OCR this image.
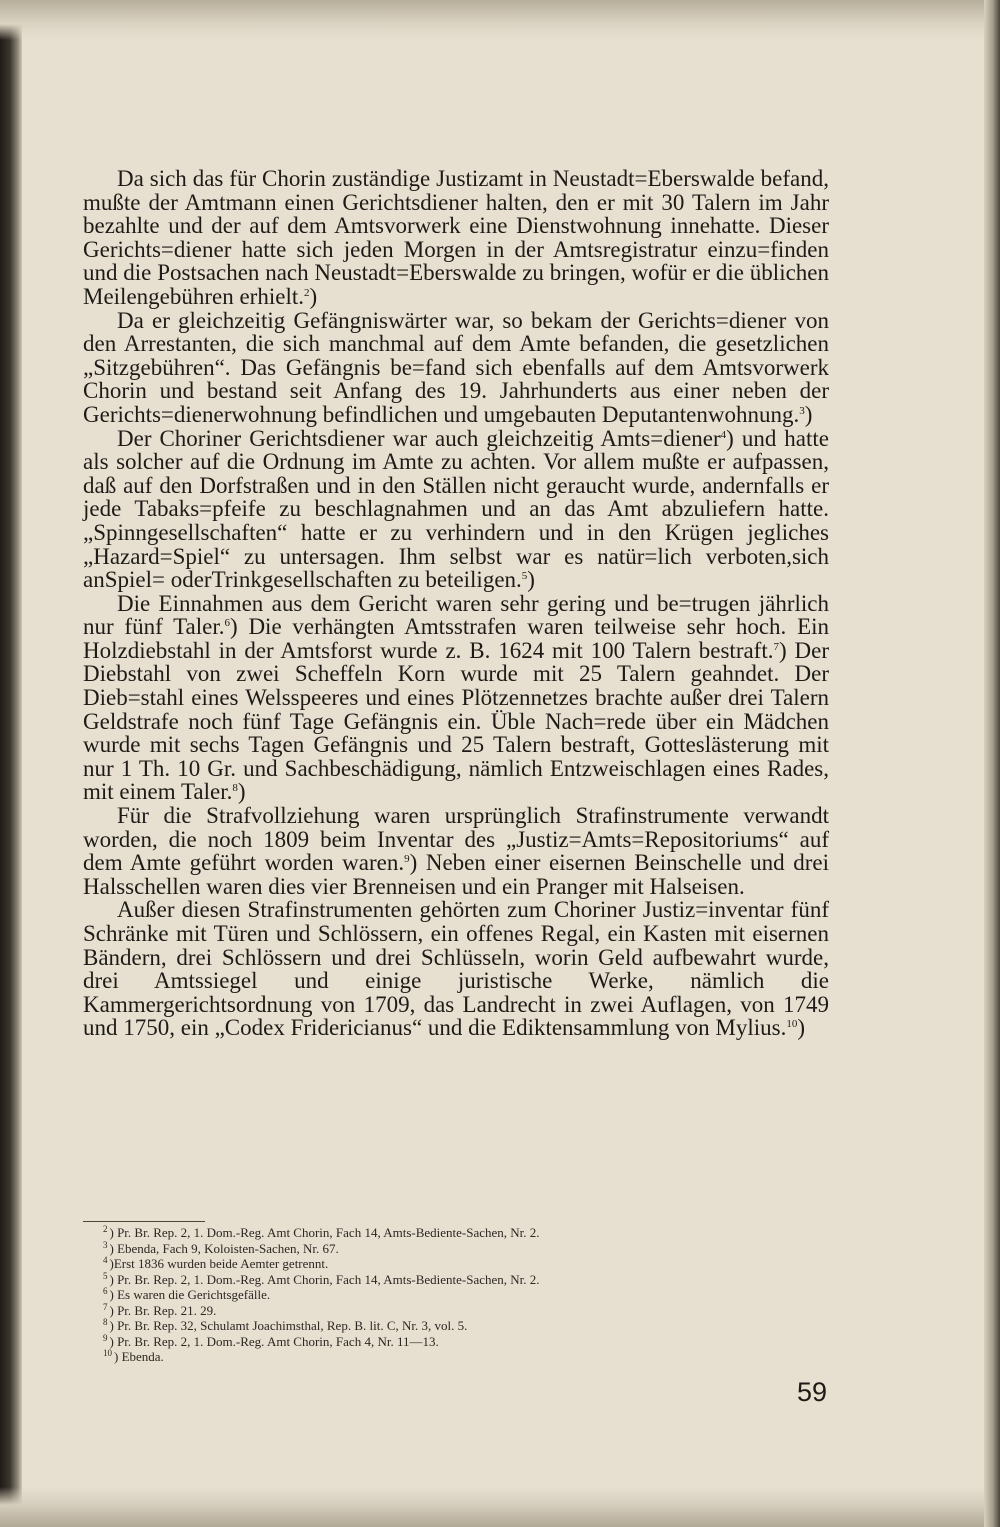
Da sich das für Chorin zuständige Justizamt in Neustadt=Eberswalde befand, mußte der Amtmann einen Gerichtsdiener halten, den er mit 30 Talern im Jahr bezahlte und der auf dem Amtsvorwerk eine Dienstwohnung innehatte. Dieser Gerichts=diener hatte sich jeden Morgen in der Amtsregistratur einzu=finden und die Postsachen nach Neustadt=Eberswalde zu bringen, wofür er die üblichen Meilengebühren erhielt.$^2$)

Da er gleichzeitig Gefängniswärter war, so bekam der Gerichts=diener von den Arrestanten, die sich manchmal auf dem Amte befanden, die gesetzlichen „Sitzgebühren“. Das Gefängnis be=fand sich ebenfalls auf dem Amtsvorwerk Chorin und bestand seit Anfang des 19. Jahrhunderts aus einer neben der Gerichts=dienerwohnung befindlichen und umgebauten Deputantenwohnung.$^3$)

Der Choriner Gerichtsdiener war auch gleichzeitig Amts=diener$^4$) und hatte als solcher auf die Ordnung im Amte zu achten. Vor allem mußte er aufpassen, daß auf den Dorfstraßen und in den Ställen nicht geraucht wurde, andernfalls er jede Tabaks=pfeife zu beschlagnahmen und an das Amt abzuliefern hatte. „Spinngesellschaften“ hatte er zu verhindern und in den Krügen jegliches „Hazard=Spiel“ zu untersagen. Ihm selbst war es natür=lich verboten,sich anSpiel= oderTrinkgesellschaften zu beteiligen.$^5$)

Die Einnahmen aus dem Gericht waren sehr gering und be=trugen jährlich nur fünf Taler.$^6$) Die verhängten Amtsstrafen waren teilweise sehr hoch. Ein Holzdiebstahl in der Amtsforst wurde z. B. 1624 mit 100 Talern bestraft.$^7$) Der Diebstahl von zwei Scheffeln Korn wurde mit 25 Talern geahndet. Der Dieb=stahl eines Welsspeeres und eines Plötzennetzes brachte außer drei Talern Geldstrafe noch fünf Tage Gefängnis ein. Üble Nach=rede über ein Mädchen wurde mit sechs Tagen Gefängnis und 25 Talern bestraft, Gotteslästerung mit nur 1 Th. 10 Gr. und Sachbeschädigung, nämlich Entzweischlagen eines Rades, mit einem Taler.$^8$)

Für die Strafvollziehung waren ursprünglich Strafinstrumente verwandt worden, die noch 1809 beim Inventar des „Justiz=Amts=Repositoriums“ auf dem Amte geführt worden waren.$^9$) Neben einer eisernen Beinschelle und drei Halsschellen waren dies vier Brenneisen und ein Pranger mit Halseisen.

Außer diesen Strafinstrumenten gehörten zum Choriner Justiz=inventar fünf Schränke mit Türen und Schlössern, ein offenes Regal, ein Kasten mit eisernen Bändern, drei Schlössern und drei Schlüsseln, worin Geld aufbewahrt wurde, drei Amtssiegel und einige juristische Werke, nämlich die Kammergerichtsordnung von 1709, das Landrecht in zwei Auflagen, von 1749 und 1750, ein „Codex Fridericianus“ und die Ediktensammlung von Mylius.$^{10}$)

$^2$ ) Pr. Br. Rep. 2, 1. Dom.-Reg. Amt Chorin, Fach 14, Amts-Bediente-Sachen, Nr. 2.
$^3$ ) Ebenda, Fach 9, Koloisten-Sachen, Nr. 67.
$^4$ )Erst 1836 wurden beide Aemter getrennt.
$^5$ ) Pr. Br. Rep. 2, 1. Dom.-Reg. Amt Chorin, Fach 14, Amts-Bediente-Sachen, Nr. 2.
$^6$ ) Es waren die Gerichtsgefälle.
$^7$ ) Pr. Br. Rep. 21. 29.
$^8$ ) Pr. Br. Rep. 32, Schulamt Joachimsthal, Rep. B. lit. C, Nr. 3, vol. 5.
$^9$ ) Pr. Br. Rep. 2, 1. Dom.-Reg. Amt Chorin, Fach 4, Nr. 11—13.
$^{10}$ ) Ebenda.
59
